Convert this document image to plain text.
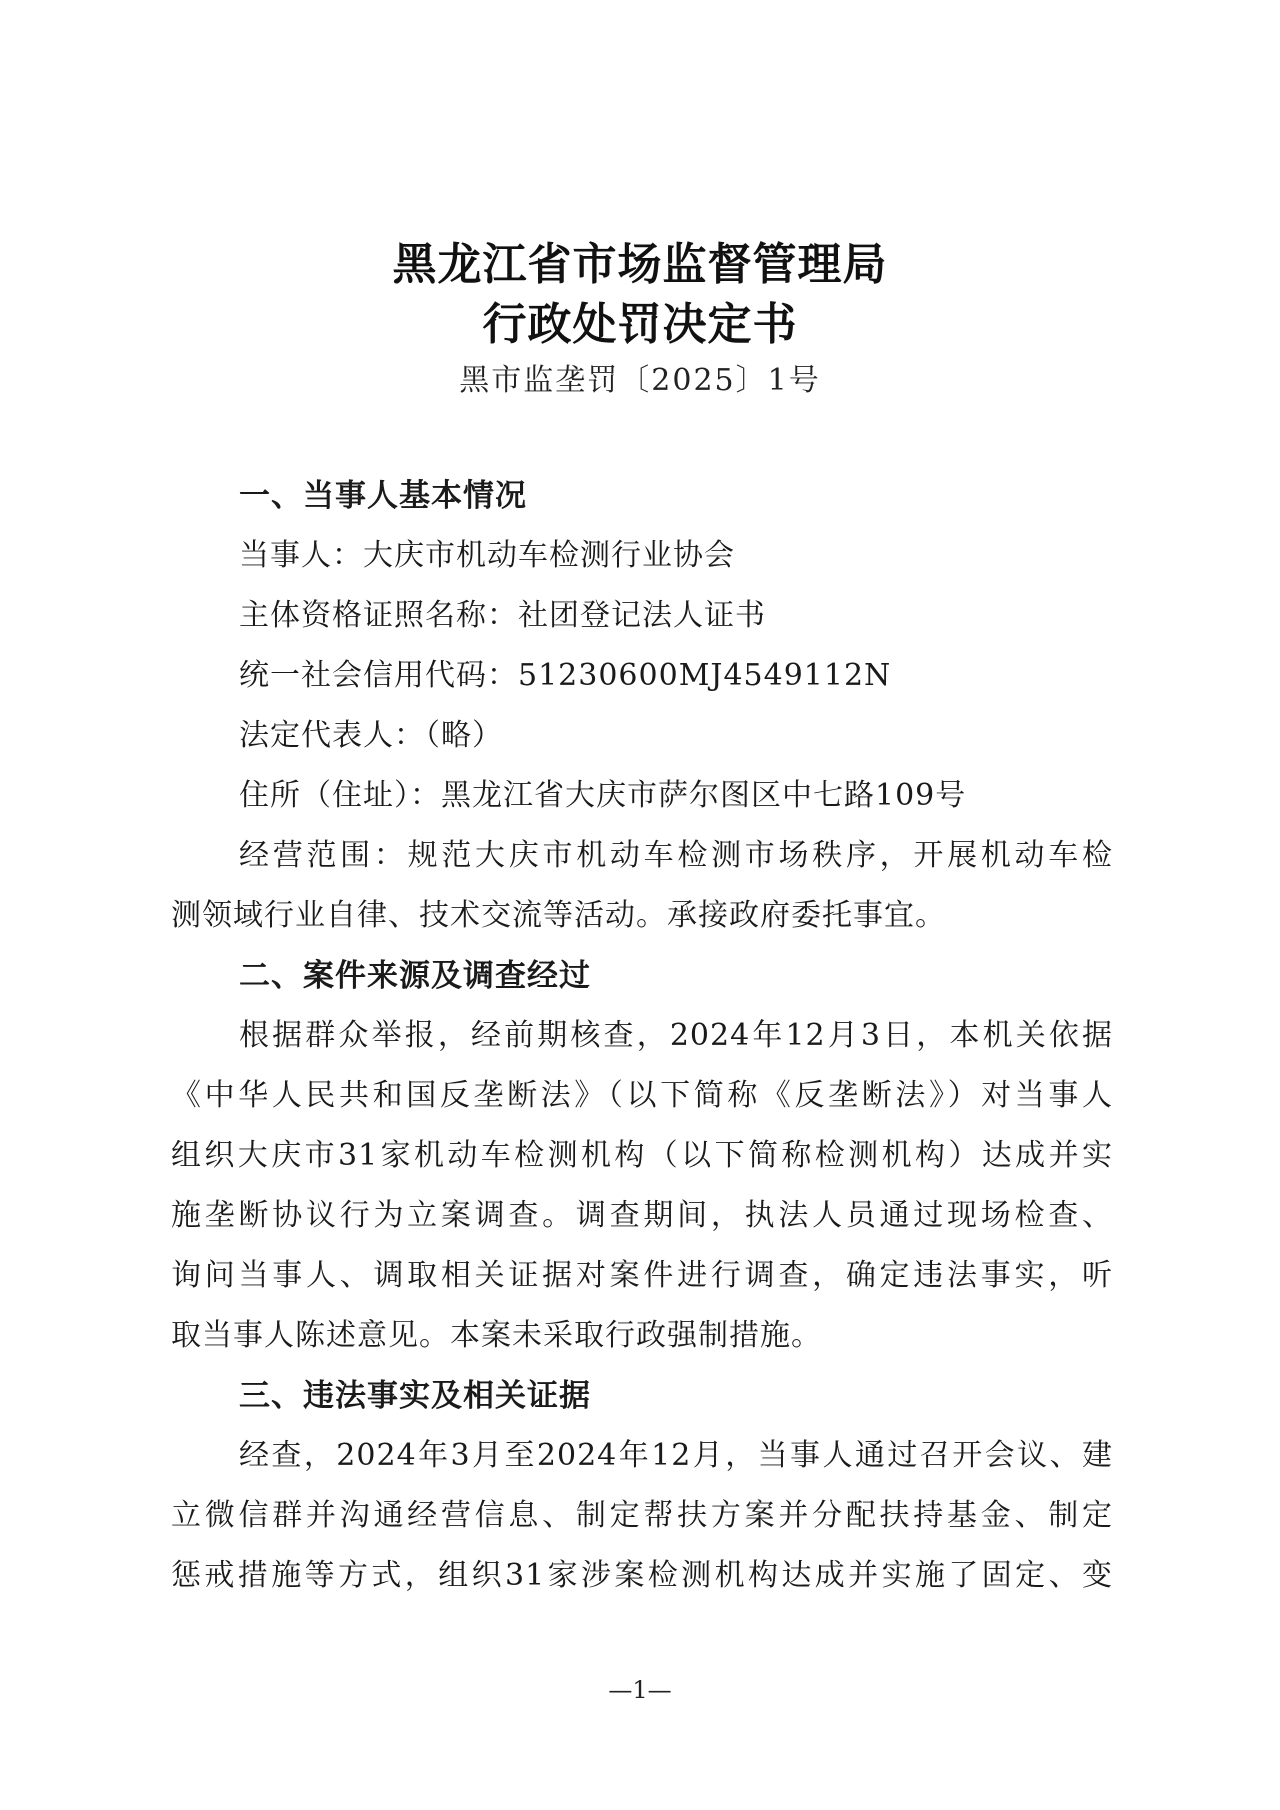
黑龙江省市场监督管理局
行政处罚决定书
黑市监垄罚〔2025〕1号
一、当事人基本情况
当事人：大庆市机动车检测行业协会
主体资格证照名称：社团登记法人证书
统一社会信用代码：51230600MJ4549112N
法定代表人：（略）
住所（住址）：黑龙江省大庆市萨尔图区中七路109号
经营范围：规范大庆市机动车检测市场秩序，开展机动车检
测领域行业自律、技术交流等活动。承接政府委托事宜。
二、案件来源及调查经过
根据群众举报，经前期核查，2024年12月3日，本机关依据
《中华人民共和国反垄断法》（以下简称《反垄断法》）对当事人
组织大庆市31家机动车检测机构（以下简称检测机构）达成并实
施垄断协议行为立案调查。调查期间，执法人员通过现场检查、
询问当事人、调取相关证据对案件进行调查，确定违法事实，听
取当事人陈述意见。本案未采取行政强制措施。
三、违法事实及相关证据
经查，2024年3月至2024年12月，当事人通过召开会议、建
立微信群并沟通经营信息、制定帮扶方案并分配扶持基金、制定
惩戒措施等方式，组织31家涉案检测机构达成并实施了固定、变
—1—
